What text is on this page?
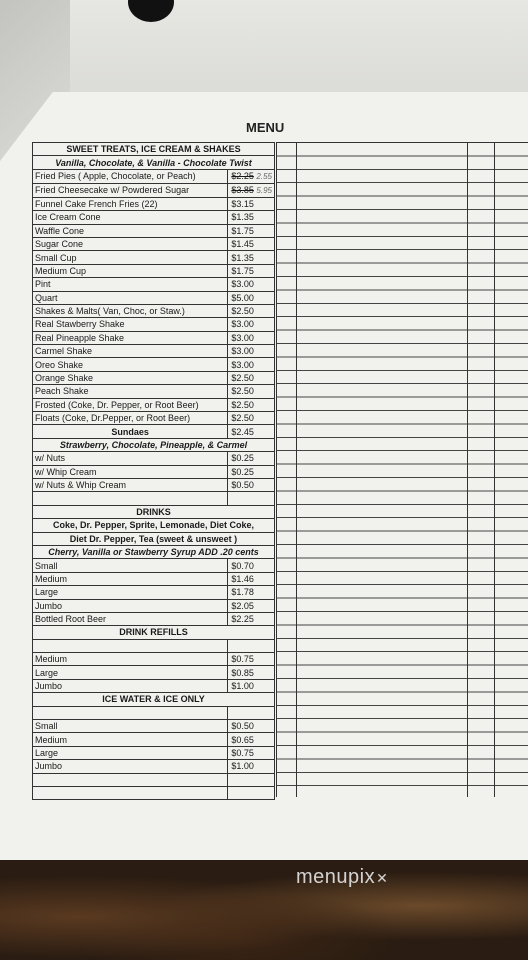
MENU
SWEET TREATS, ICE CREAM & SHAKES	
Vanilla, Chocolate, & Vanilla - Chocolate Twist	
Fried Pies ( Apple, Chocolate, or Peach)	$2.25 2.55
Fried Cheesecake w/ Powdered Sugar	$3.85 5.95
Funnel Cake French Fries (22)	$3.15
Ice Cream Cone	$1.35
Waffle Cone	$1.75
Sugar Cone	$1.45
Small Cup	$1.35
Medium Cup	$1.75
Pint	$3.00
Quart	$5.00
Shakes & Malts( Van, Choc, or Staw.)	$2.50
Real Stawberry Shake	$3.00
Real Pineapple Shake	$3.00
Carmel Shake	$3.00
Oreo Shake	$3.00
Orange Shake	$2.50
Peach Shake	$2.50
Frosted (Coke, Dr. Pepper, or Root Beer)	$2.50
Floats (Coke, Dr.Pepper, or Root Beer)	$2.50
Sundaes	$2.45
Strawberry, Chocolate, Pineapple, & Carmel	
w/ Nuts	$0.25
w/ Whip Cream	$0.25
w/ Nuts & Whip Cream	$0.50

DRINKS	
Coke, Dr. Pepper, Sprite, Lemonade, Diet Coke,	
Diet Dr. Pepper, Tea (sweet & unsweet )	
Cherry, Vanilla or Stawberry Syrup ADD .20 cents	
Small	$0.70
Medium	$1.46
Large	$1.78
Jumbo	$2.05
Bottled Root Beer	$2.25
DRINK REFILLS	

Medium	$0.75
Large	$0.85
Jumbo	$1.00
ICE WATER & ICE ONLY	

Small	$0.50
Medium	$0.65
Large	$0.75
Jumbo	$1.00

menupix✕
